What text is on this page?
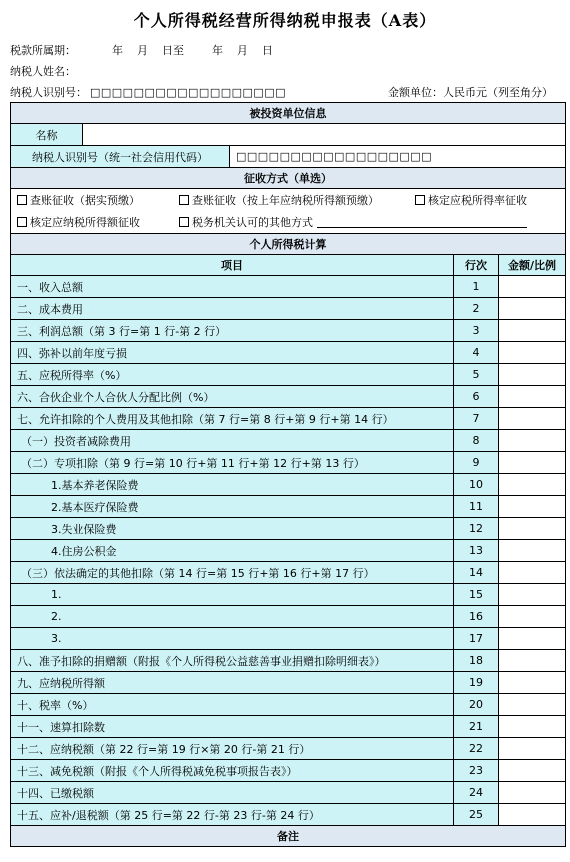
个人所得税经营所得纳税申报表（A表）
税款所属期：	年    月    日至        年    月    日
纳税人姓名：
纳税人识别号： □□□□□□□□□□□□□□□□□□	金额单位：人民币元（列至角分）
被投资单位信息				
名称				
纳税人识别号（统一社会信用代码）		□□□□□□□□□□□□□□□□□□		
征收方式（单选）				

查账征收（据实预缴） 查账征收（按上年应纳税所得额预缴） 核定应税所得率征收
核定应纳税所得额征收 税务机关认可的其他方式				

个人所得税计算				
项目			行次	金额/比例
一、收入总额			1	
二、成本费用			2	
三、利润总额（第 3 行=第 1 行-第 2 行）			3	
四、弥补以前年度亏损			4	
五、应税所得率（%）			5	
六、合伙企业个人合伙人分配比例（%）			6	
七、允许扣除的个人费用及其他扣除（第 7 行=第 8 行+第 9 行+第 14 行）			7	
（一）投资者减除费用			8	
（二）专项扣除（第 9 行=第 10 行+第 11 行+第 12 行+第 13 行）			9	
1.基本养老保险费			10	
2.基本医疗保险费			11	
3.失业保险费			12	
4.住房公积金			13	
（三）依法确定的其他扣除（第 14 行=第 15 行+第 16 行+第 17 行）			14	
1.			15	
2.			16	
3.			17	
八、准予扣除的捐赠额（附报《个人所得税公益慈善事业捐赠扣除明细表》）			18	
九、应纳税所得额			19	
十、税率（%）			20	
十一、速算扣除数			21	
十二、应纳税额（第 22 行=第 19 行×第 20 行-第 21 行）			22	
十三、减免税额（附报《个人所得税减免税事项报告表》）			23	
十四、已缴税额			24	
十五、应补/退税额（第 25 行=第 22 行-第 23 行-第 24 行）			25	
备注				
